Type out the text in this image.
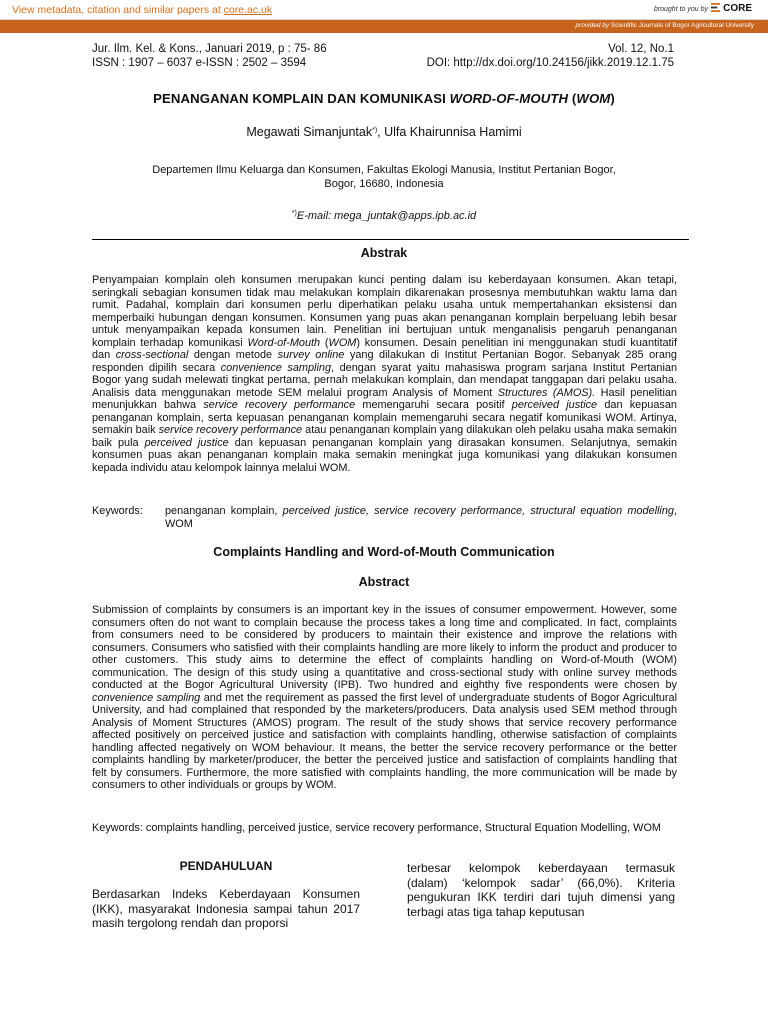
View metadata, citation and similar papers at core.ac.uk	brought to you by	CORE
provided by Scientific Journals of Bogor Agricultural University
Jur. Ilm. Kel. & Kons., Januari 2019, p : 75- 86	Vol. 12, No.1
ISSN : 1907 – 6037 e-ISSN : 2502 – 3594	DOI: http://dx.doi.org/10.24156/jikk.2019.12.1.75
PENANGANAN KOMPLAIN DAN KOMUNIKASI WORD-OF-MOUTH (WOM)
Megawati Simanjuntak*), Ulfa Khairunnisa Hamimi
Departemen Ilmu Keluarga dan Konsumen, Fakultas Ekologi Manusia, Institut Pertanian Bogor,
Bogor, 16680, Indonesia
*)E-mail: mega_juntak@apps.ipb.ac.id
Abstrak
Penyampaian komplain oleh konsumen merupakan kunci penting dalam isu keberdayaan konsumen. Akan tetapi, seringkali sebagian konsumen tidak mau melakukan komplain dikarenakan prosesnya membutuhkan waktu lama dan rumit. Padahal, komplain dari konsumen perlu diperhatikan pelaku usaha untuk mempertahankan eksistensi dan memperbaiki hubungan dengan konsumen. Konsumen yang puas akan penanganan komplain berpeluang lebih besar untuk menyampaikan kepada konsumen lain. Penelitian ini bertujuan untuk menganalisis pengaruh penanganan komplain terhadap komunikasi Word-of-Mouth (WOM) konsumen. Desain penelitian ini menggunakan studi kuantitatif dan cross-sectional dengan metode survey online yang dilakukan di Institut Pertanian Bogor. Sebanyak 285 orang responden dipilih secara convenience sampling, dengan syarat yaitu mahasiswa program sarjana Institut Pertanian Bogor yang sudah melewati tingkat pertama, pernah melakukan komplain, dan mendapat tanggapan dari pelaku usaha. Analisis data menggunakan metode SEM melalui program Analysis of Moment Structures (AMOS). Hasil penelitian menunjukkan bahwa service recovery performance memengaruhi secara positif perceived justice dan kepuasan penanganan komplain, serta kepuasan penanganan komplain memengaruhi secara negatif komunikasi WOM. Artinya, semakin baik service recovery performance atau penanganan komplain yang dilakukan oleh pelaku usaha maka semakin baik pula perceived justice dan kepuasan penanganan komplain yang dirasakan konsumen. Selanjutnya, semakin konsumen puas akan penanganan komplain maka semakin meningkat juga komunikasi yang dilakukan konsumen kepada individu atau kelompok lainnya melalui WOM.
Keywords: penanganan komplain, perceived justice, service recovery performance, structural equation modelling, WOM
Complaints Handling and Word-of-Mouth Communication
Abstract
Submission of complaints by consumers is an important key in the issues of consumer empowerment. However, some consumers often do not want to complain because the process takes a long time and complicated. In fact, complaints from consumers need to be considered by producers to maintain their existence and improve the relations with consumers. Consumers who satisfied with their complaints handling are more likely to inform the product and producer to other customers. This study aims to determine the effect of complaints handling on Word-of-Mouth (WOM) communication. The design of this study using a quantitative and cross-sectional study with online survey methods conducted at the Bogor Agricultural University (IPB). Two hundred and eighthy five respondents were chosen by convenience sampling and met the requirement as passed the first level of undergraduate students of Bogor Agricultural University, and had complained that responded by the marketers/producers. Data analysis used SEM method through Analysis of Moment Structures (AMOS) program. The result of the study shows that service recovery performance affected positively on perceived justice and satisfaction with complaints handling, otherwise satisfaction of complaints handling affected negatively on WOM behaviour. It means, the better the service recovery performance or the better complaints handling by marketer/producer, the better the perceived justice and satisfaction of complaints handling that felt by consumers. Furthermore, the more satisfied with complaints handling, the more communication will be made by consumers to other individuals or groups by WOM.
Keywords: complaints handling, perceived justice, service recovery performance, Structural Equation Modelling, WOM
PENDAHULUAN
Berdasarkan Indeks Keberdayaan Konsumen (IKK), masyarakat Indonesia sampai tahun 2017 masih tergolong rendah dan proporsi
terbesar kelompok keberdayaan termasuk (dalam) ‘kelompok sadar’ (66,0%). Kriteria pengukuran IKK terdiri dari tujuh dimensi yang terbagi atas tiga tahap keputusan
